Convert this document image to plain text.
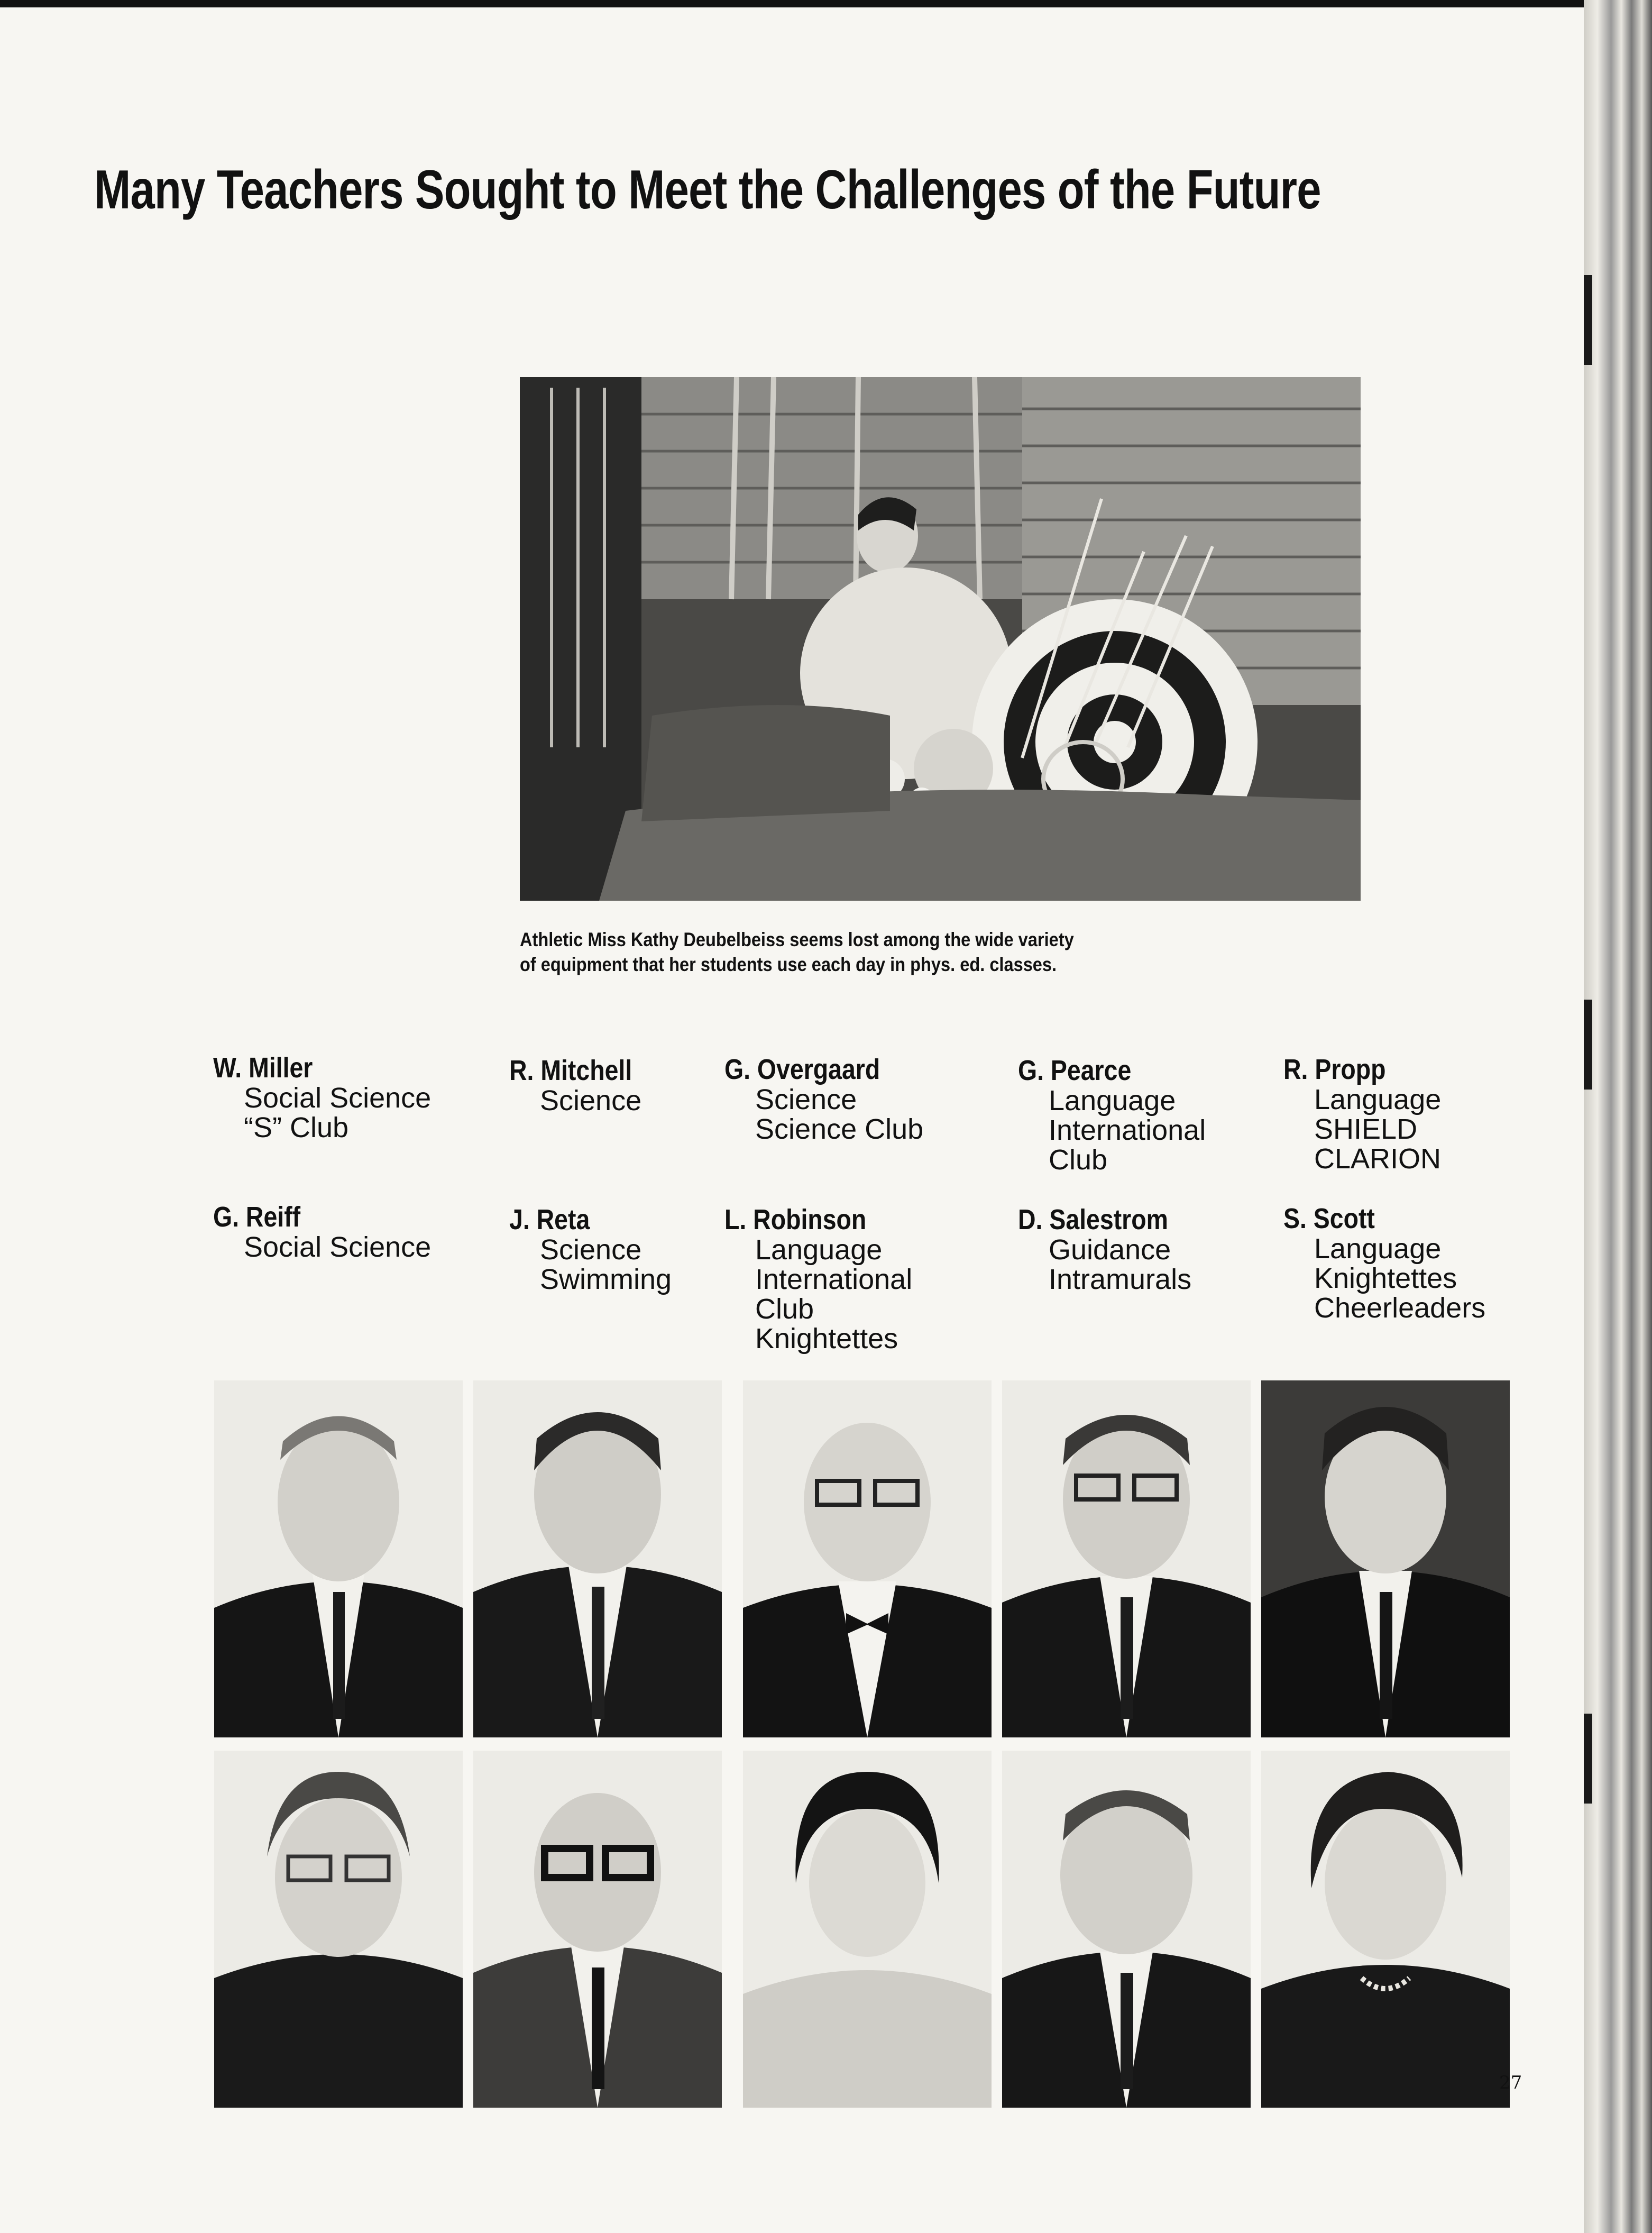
Many Teachers Sought to Meet the Challenges of the Future

Athletic Miss Kathy Deubelbeiss seems lost among the wide variety
of equipment that her students use each day in phys. ed. classes.

W. Miller
Social Science
“S” Club
G. Reiff
Social Science
R. Mitchell
Science
J. Reta
Science
Swimming
G. Overgaard
Science
Science Club
L. Robinson
Language
International
Club
Knightettes
G. Pearce
Language
International
Club
D. Salestrom
Guidance
Intramurals
R. Propp
Language
SHIELD
CLARION
S. Scott
Language
Knightettes
Cheerleaders
27
